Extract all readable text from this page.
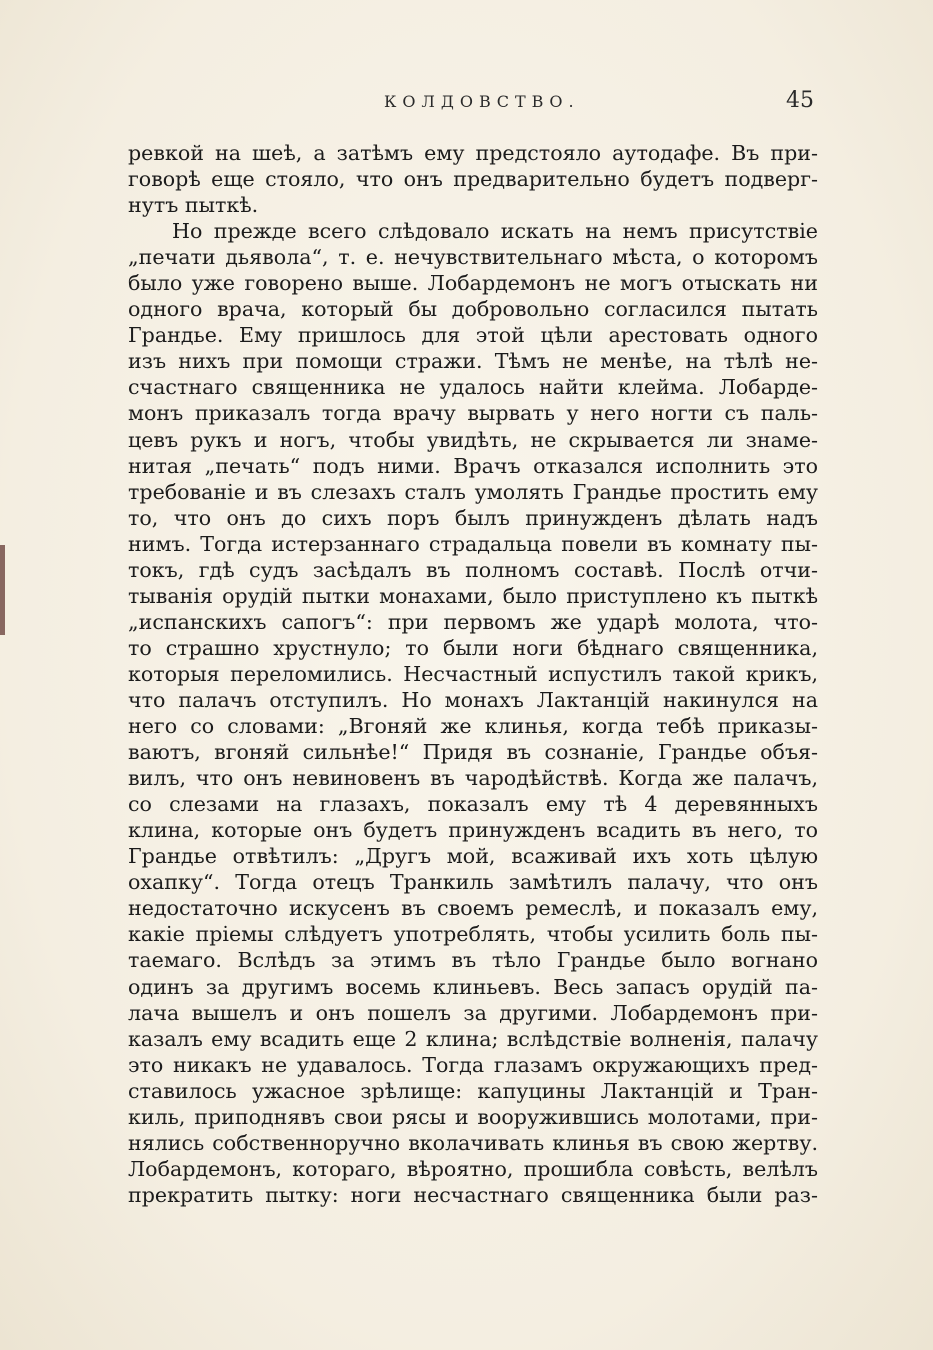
КОЛДОВСТВО.	45
ревкой на шеѣ, а затѣмъ ему предстояло аутодафе. Въ при-
говорѣ еще стояло, что онъ предварительно будетъ подверг-
нутъ пыткѣ.
Но прежде всего слѣдовало искать на немъ присутствіе
„печати дьявола“, т. е. нечувствительнаго мѣста, о которомъ
было уже говорено выше. Лобардемонъ не могъ отыскать ни
одного врача, который бы добровольно согласился пытать
Грандье. Ему пришлось для этой цѣли арестовать одного
изъ нихъ при помощи стражи. Тѣмъ не менѣе, на тѣлѣ не-
счастнаго священника не удалось найти клейма. Лобарде-
монъ приказалъ тогда врачу вырвать у него ногти съ паль-
цевъ рукъ и ногъ, чтобы увидѣть, не скрывается ли знаме-
нитая „печать“ подъ ними. Врачъ отказался исполнить это
требованіе и въ слезахъ сталъ умолять Грандье простить ему
то, что онъ до сихъ поръ былъ принужденъ дѣлать надъ
нимъ. Тогда истерзаннаго страдальца повели въ комнату пы-
токъ, гдѣ судъ засѣдалъ въ полномъ составѣ. Послѣ отчи-
тыванія орудій пытки монахами, было приступлено къ пыткѣ
„испанскихъ сапогъ“: при первомъ же ударѣ молота, что-
то страшно хрустнуло; то были ноги бѣднаго священника,
которыя переломились. Несчастный испустилъ такой крикъ,
что палачъ отступилъ. Но монахъ Лактанцій накинулся на
него со словами: „Вгоняй же клинья, когда тебѣ приказы-
ваютъ, вгоняй сильнѣе!“ Придя въ сознаніе, Грандье объя-
вилъ, что онъ невиновенъ въ чародѣйствѣ. Когда же палачъ,
со слезами на глазахъ, показалъ ему тѣ 4 деревянныхъ
клина, которые онъ будетъ принужденъ всадить въ него, то
Грандье отвѣтилъ: „Другъ мой, всаживай ихъ хоть цѣлую
охапку“. Тогда отецъ Транкиль замѣтилъ палачу, что онъ
недостаточно искусенъ въ своемъ ремеслѣ, и показалъ ему,
какіе пріемы слѣдуетъ употреблять, чтобы усилить боль пы-
таемаго. Вслѣдъ за этимъ въ тѣло Грандье было вогнано
одинъ за другимъ восемь клиньевъ. Весь запасъ орудій па-
лача вышелъ и онъ пошелъ за другими. Лобардемонъ при-
казалъ ему всадить еще 2 клина; вслѣдствіе волненія, палачу
это никакъ не удавалось. Тогда глазамъ окружающихъ пред-
ставилось ужасное зрѣлище: капуцины Лактанцій и Тран-
киль, приподнявъ свои рясы и вооружившись молотами, при-
нялись собственноручно вколачивать клинья въ свою жертву.
Лобардемонъ, котораго, вѣроятно, прошибла совѣсть, велѣлъ
прекратить пытку: ноги несчастнаго священника были раз-
